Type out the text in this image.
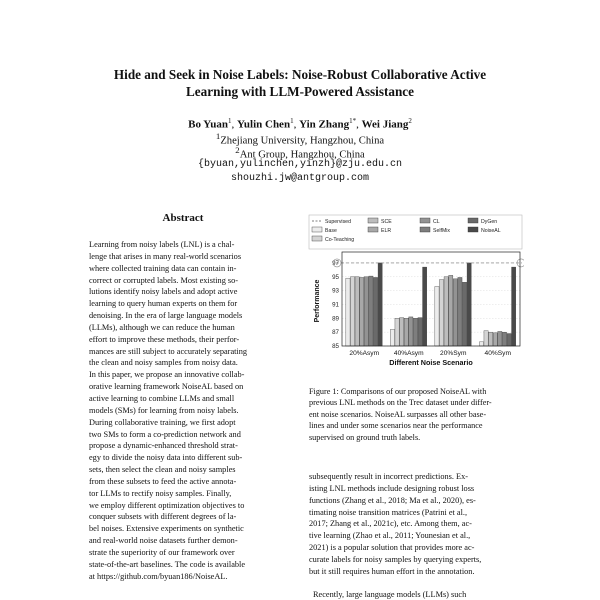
Hide and Seek in Noise Labels: Noise-Robust Collaborative Active
Learning with LLM-Powered Assistance
Bo Yuan$^1$, Yulin Chen$^1$, Yin Zhang$^{1*}$, Wei Jiang$^2$
$^1$Zhejiang University, Hangzhou, China
$^2$Ant Group, Hangzhou, China
{byuan,yulinchen,yinzh}@zju.edu.cn
shouzhi.jw@antgroup.com
Abstract
Learning from noisy labels (LNL) is a chal-
lenge that arises in many real-world scenarios
where collected training data can contain in-
correct or corrupted labels. Most existing so-
lutions identify noisy labels and adopt active
learning to query human experts on them for
denoising. In the era of large language models
(LLMs), although we can reduce the human
effort to improve these methods, their perfor-
mances are still subject to accurately separating
the clean and noisy samples from noisy data.
In this paper, we propose an innovative collab-
orative learning framework NoiseAL based on
active learning to combine LLMs and small
models (SMs) for learning from noisy labels.
During collaborative training, we first adopt
two SMs to form a co-prediction network and
propose a dynamic-enhanced threshold strat-
egy to divide the noisy data into different sub-
sets, then select the clean and noisy samples
from these subsets to feed the active annota-
tor LLMs to rectify noisy samples. Finally,
we employ different optimization objectives to
conquer subsets with different degrees of la-
bel noises. Extensive experiments on synthetic
and real-world noise datasets further demon-
strate the superiority of our framework over
state-of-the-art baselines. The code is available
at https://github.com/byuan186/NoiseAL.
Supervised	SCE	CL	DyGen
Base	ELR	SelfMix	NoiseAL
Co-Teaching
85
87
89
91
93
95
97
20%Asym 40%Asym 20%Sym	40%Sym
Performance
Different Noise Scenario
Figure 1: Comparisons of our proposed NoiseAL with
previous LNL methods on the Trec dataset under differ-
ent noise scenarios. NoiseAL surpasses all other base-
lines and under some scenarios near the performance
supervised on ground truth labels.
subsequently result in incorrect predictions. Ex-
isting LNL methods include designing robust loss
functions (Zhang et al., 2018; Ma et al., 2020), es-
timating noise transition matrices (Patrini et al.,
2017; Zhang et al., 2021c), etc. Among them, ac-
tive learning (Zhao et al., 2011; Younesian et al.,
2021) is a popular solution that provides more ac-
curate labels for noisy samples by querying experts,
but it still requires human effort in the annotation.
Recently, large language models (LLMs) such
